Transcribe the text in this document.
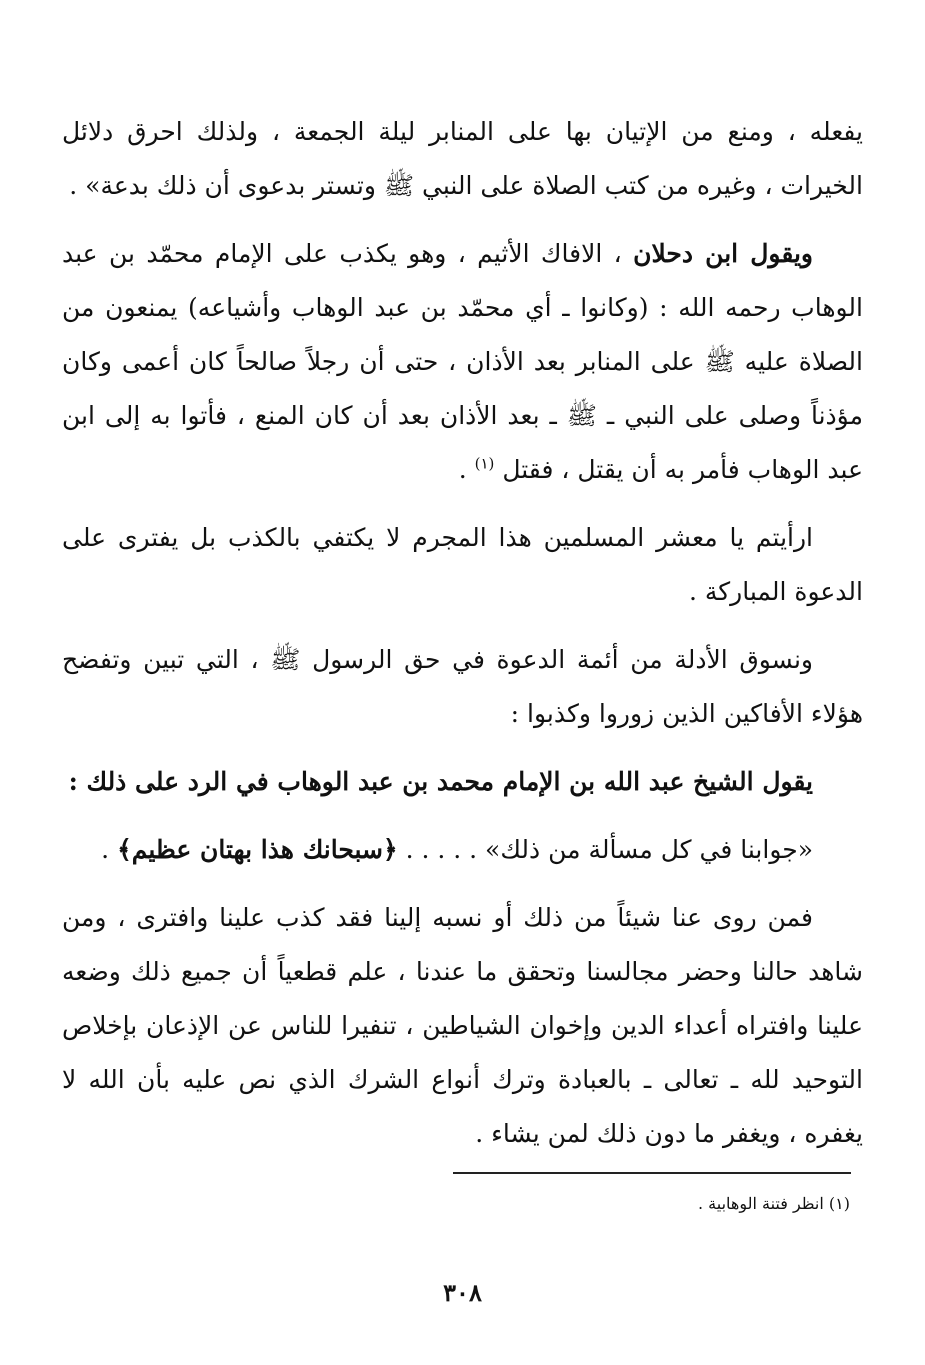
يفعله ، ومنع من الإتيان بها على المنابر ليلة الجمعة ، ولذلك احرق دلائل الخيرات ، وغيره من كتب الصلاة على النبي ﷺ وتستر بدعوى أن ذلك بدعة» .

ويقول ابن دحلان ، الافاك الأثيم ، وهو يكذب على الإمام محمّد بن عبد الوهاب رحمه الله : (وكانوا ـ أي محمّد بن عبد الوهاب وأشياعه) يمنعون من الصلاة عليه ﷺ على المنابر بعد الأذان ، حتى أن رجلاً صالحاً كان أعمى وكان مؤذناً وصلى على النبي ـ ﷺ ـ بعد الأذان بعد أن كان المنع ، فأتوا به إلى ابن عبد الوهاب فأمر به أن يقتل ، فقتل $^{(١)}$ .

ارأيتم يا معشر المسلمين هذا المجرم لا يكتفي بالكذب بل يفترى على الدعوة المباركة .

ونسوق الأدلة من أئمة الدعوة في حق الرسول ﷺ ، التي تبين وتفضح هؤلاء الأفاكين الذين زوروا وكذبوا :

يقول الشيخ عبد الله بن الإمام محمد بن عبد الوهاب في الرد على ذلك :

«جوابنا في كل مسألة من ذلك» . . . . . ﴿سبحانك هذا بهتان عظيم﴾ .

فمن روى عنا شيئاً من ذلك أو نسبه إلينا فقد كذب علينا وافترى ، ومن شاهد حالنا وحضر مجالسنا وتحقق ما عندنا ، علم قطعياً أن جميع ذلك وضعه علينا وافتراه أعداء الدين وإخوان الشياطين ، تنفيرا للناس عن الإذعان بإخلاص التوحيد لله ـ تعالى ـ بالعبادة وترك أنواع الشرك الذي نص عليه بأن الله لا يغفره ، ويغفر ما دون ذلك لمن يشاء .

(١) انظر فتنة الوهابية .
٣٠٨
